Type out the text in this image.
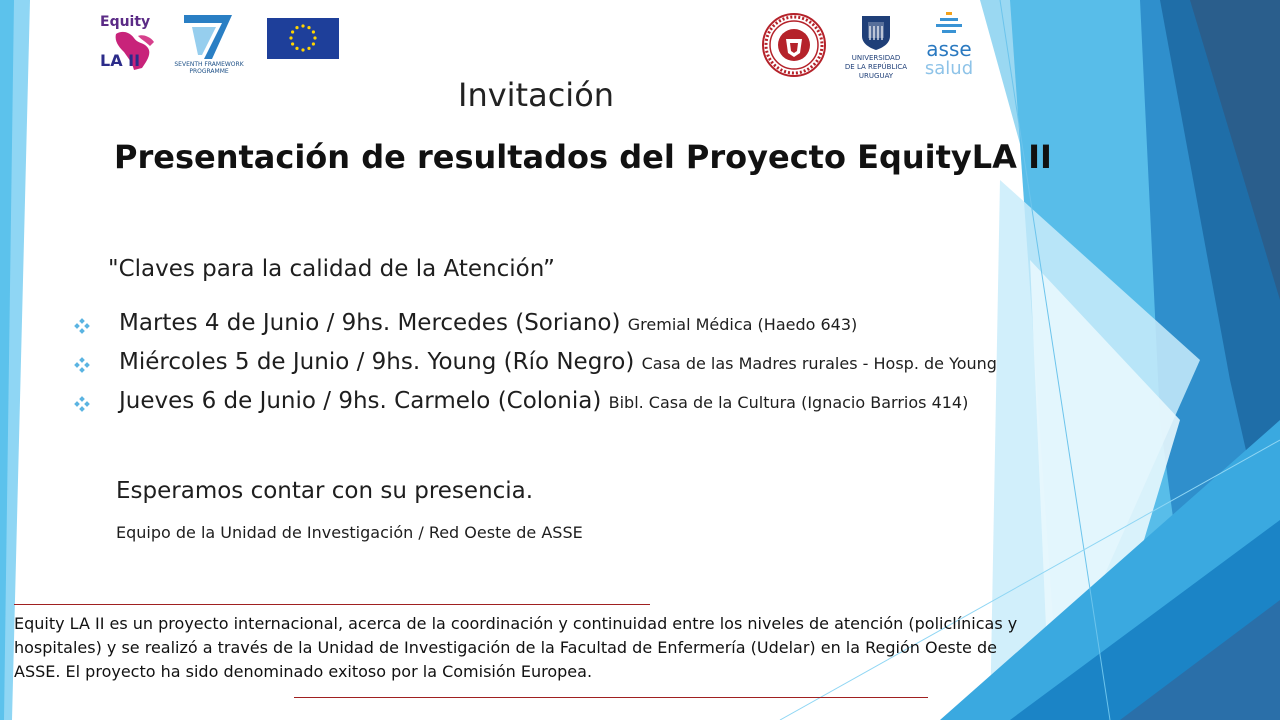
Equity
LA II	SEVENTH FRAMEWORK
PROGRAMME
UNIVERSIDAD
DE LA REPÚBLICA
URUGUAY
asse
salud
Invitación
Presentación de resultados del Proyecto EquityLA II
"Claves para la calidad de la Atención”
Martes 4 de Junio / 9hs. Mercedes (Soriano) Gremial Médica (Haedo 643)
Miércoles 5 de Junio / 9hs. Young (Río Negro) Casa de las Madres rurales - Hosp. de Young
Jueves 6 de Junio / 9hs. Carmelo (Colonia) Bibl. Casa de la Cultura (Ignacio Barrios 414)
Esperamos contar con su presencia.
Equipo de la Unidad de Investigación / Red Oeste de ASSE
Equity LA II es un proyecto internacional, acerca de la coordinación y continuidad entre los niveles de atención (policlínicas y hospitales) y se realizó a través de la Unidad de Investigación de la Facultad de Enfermería (Udelar) en la Región Oeste de ASSE. El proyecto ha sido denominado exitoso por la Comisión Europea.
